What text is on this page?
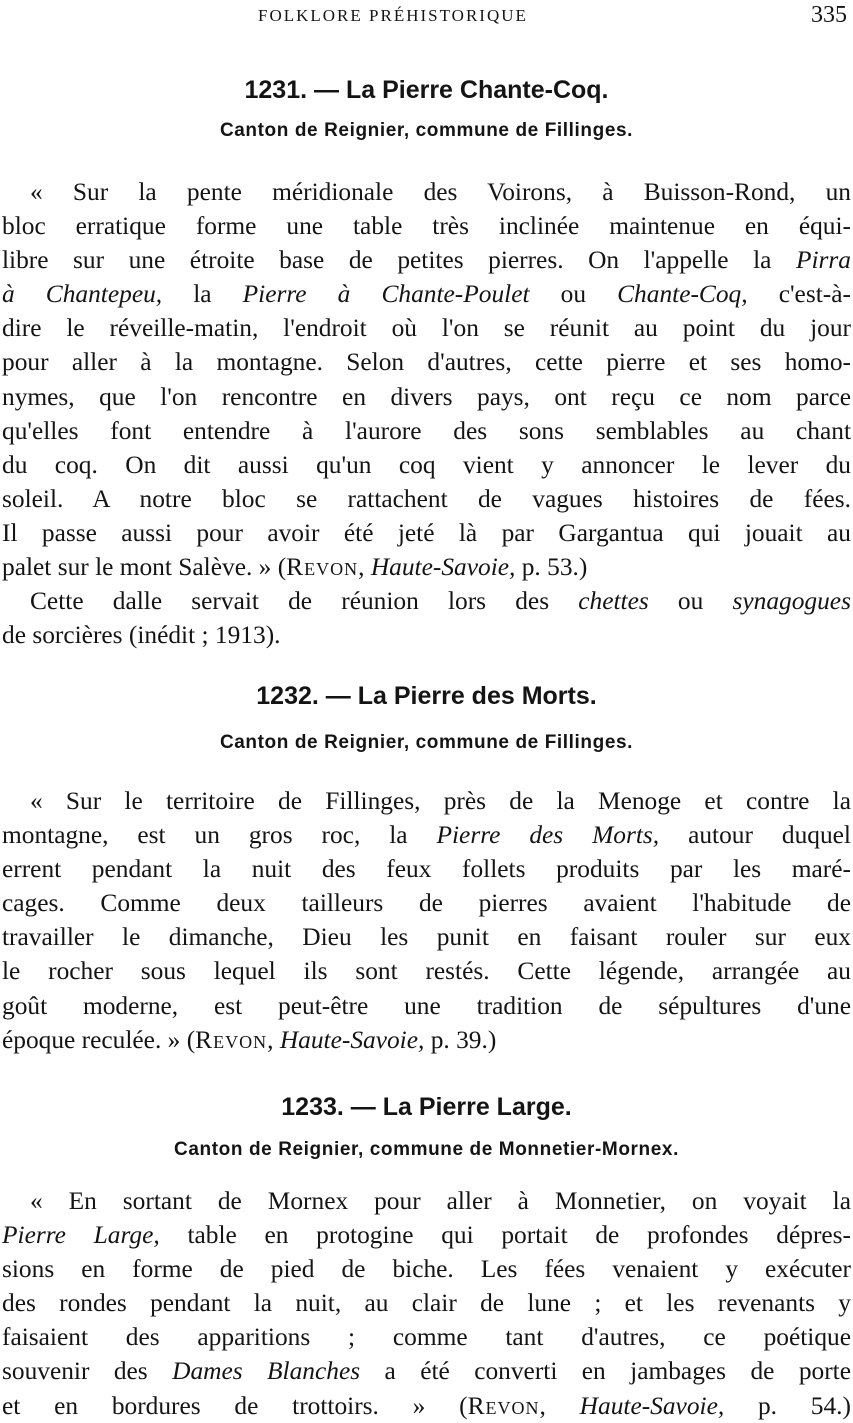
FOLKLORE PRÉHISTORIQUE	335
1231. — La Pierre Chante-Coq.
Canton de Reignier, commune de Fillinges.
« Sur la pente méridionale des Voirons, à Buisson-Rond, un
bloc erratique forme une table très inclinée maintenue en équi-
libre sur une étroite base de petites pierres. On l'appelle la Pirra
à Chantepeu, la Pierre à Chante-Poulet ou Chante-Coq, c'est-à-
dire le réveille-matin, l'endroit où l'on se réunit au point du jour
pour aller à la montagne. Selon d'autres, cette pierre et ses homo-
nymes, que l'on rencontre en divers pays, ont reçu ce nom parce
qu'elles font entendre à l'aurore des sons semblables au chant
du coq. On dit aussi qu'un coq vient y annoncer le lever du
soleil. A notre bloc se rattachent de vagues histoires de fées.
Il passe aussi pour avoir été jeté là par Gargantua qui jouait au
palet sur le mont Salève. » (Revon, Haute-Savoie, p. 53.)
Cette dalle servait de réunion lors des chettes ou synagogues
de sorcières (inédit ; 1913).
1232. — La Pierre des Morts.
Canton de Reignier, commune de Fillinges.
« Sur le territoire de Fillinges, près de la Menoge et contre la
montagne, est un gros roc, la Pierre des Morts, autour duquel
errent pendant la nuit des feux follets produits par les maré-
cages. Comme deux tailleurs de pierres avaient l'habitude de
travailler le dimanche, Dieu les punit en faisant rouler sur eux
le rocher sous lequel ils sont restés. Cette légende, arrangée au
goût moderne, est peut-être une tradition de sépultures d'une
époque reculée. » (Revon, Haute-Savoie, p. 39.)
1233. — La Pierre Large.
Canton de Reignier, commune de Monnetier-Mornex.
« En sortant de Mornex pour aller à Monnetier, on voyait la
Pierre Large, table en protogine qui portait de profondes dépres-
sions en forme de pied de biche. Les fées venaient y exécuter
des rondes pendant la nuit, au clair de lune ; et les revenants y
faisaient des apparitions ; comme tant d'autres, ce poétique
souvenir des Dames Blanches a été converti en jambages de porte
et en bordures de trottoirs. » (Revon, Haute-Savoie, p. 54.)
